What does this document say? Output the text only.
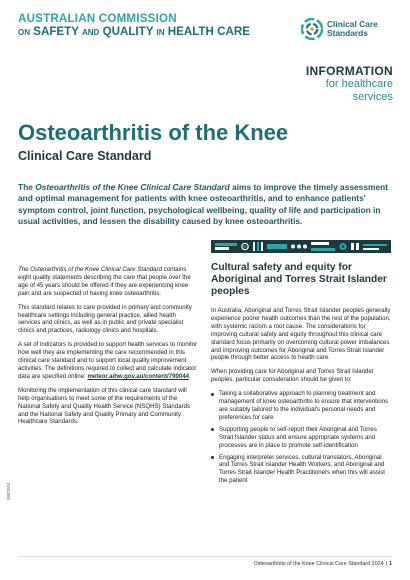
AUSTRALIAN COMMISSION
ON SAFETY AND QUALITY IN HEALTH CARE
Clinical Care
Standards
INFORMATION
for healthcare
services
Osteoarthritis of the Knee
Clinical Care Standard
The Osteoarthritis of the Knee Clinical Care Standard aims to improve the timely assessment and optimal management for patients with knee osteoarthritis, and to enhance patients' symptom control, joint function, psychological wellbeing, quality of life and participation in usual activities, and lessen the disability caused by knee osteoarthritis.

The Osteoarthritis of the Knee Clinical Care Standard contains eight quality statements describing the care that people over the age of 45 years should be offered if they are experiencing knee pain and are suspected of having knee osteoarthritis.

This standard relates to care provided in primary and community healthcare settings including general practice, allied health services and clinics, as well as in public and private specialist clinics and practices, radiology clinics and hospitals.

A set of indicators is provided to support health services to monitor how well they are implementing the care recommended in this clinical care standard and to support local quality improvement activities. The definitions required to collect and calculate indicator data are specified online: meteor.aihw.gov.au/content/790044.

Monitoring the implementation of this clinical care standard will help organisations to meet some of the requirements of the National Safety and Quality Health Service (NSQHS) Standards and the National Safety and Quality Primary and Community Healthcare Standards.

0982024
Cultural safety and equity for Aboriginal and Torres Strait Islander peoples

In Australia, Aboriginal and Torres Strait Islander peoples generally experience poorer health outcomes than the rest of the population, with systemic racism a root cause. The considerations for improving cultural safety and equity throughout this clinical care standard focus primarily on overcoming cultural power imbalances and improving outcomes for Aboriginal and Torres Strait Islander people through better access to health care.

When providing care for Aboriginal and Torres Strait Islander peoples, particular consideration should be given to:

Taking a collaborative approach to planning treatment and management of knee osteoarthritis to ensure that interventions are suitably tailored to the individual's personal needs and preferences for care
Supporting people to self-report their Aboriginal and Torres Strait Islander status and ensure appropriate systems and processes are in place to promote self-identification
Engaging interpreter services, cultural translators, Aboriginal and Torres Strait Islander Health Workers, and Aboriginal and Torres Strait Islander Health Practitioners when this will assist the patient
Osteoarthritis of the Knee Clinical Care Standard 2024 | 1
